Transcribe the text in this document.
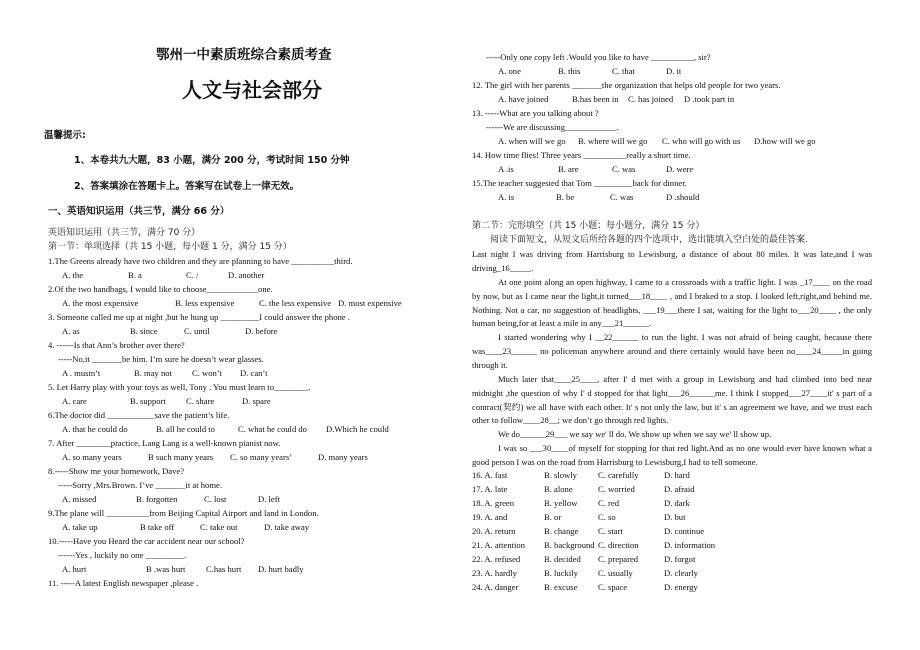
鄂州一中素质班综合素质考查
人文与社会部分
温馨提示:
1、本卷共九大题，83 小题，满分 200 分，考试时间 150 分钟
2、答案填涂在答题卡上。答案写在试卷上一律无效。
一、英语知识运用（共三节，满分 66 分）
英语知识运用（共三节，满分 70 分）
第一节：单项选择（共 15 小题，每小题 1 分，满分 15 分）
1.The Greens already have two children and they are planning to have __________third.
A. the	B. a	C. /	D. another
2.Of the two handbags, I would like to choose____________one.
A. the most expensive	B. less expensive	C. the less expensive D. most expensive
3. Someone called me up at night ,but he hung up _________I could answer the phone .
A. as	B. since	C. until	D. before
4. ------Is that Ann’s brother over there?
-----No,it _______be him. I’m sure he doesn’t wear glasses.
A . mustn’t	B. may not C. won’t D. can’t
5. Let Harry play with your toys as well, Tony . You must learn to________.
A. care	B. support C. share	D. spare
6.The doctor did ___________save the patient’s life.
A. that he could do	B. all he could to	C. what he could do D.Which he could
7. After ________practice, Lang Lang is a well-known pianist now.
A. so many years	B such many years C. so many years’	D. many years
8.-----Show me your homework, Dave?
-----Sorry ,Mrs.Brown. I’ve _______it at home.
A. missed	B. forgotten	C. lost	D. left
9.The plane will __________from Beijing Capital Airport and land in London.
A. take up	B take off	C. take out	D. take away
10.-----Have you Heard the car accident near our school?
------Yes , luckily no one _________.
A. hurt	B .was hurt C.has hurt D. hurt badly
11. -----A latest English newspaper ,please .
-----Only one copy left .Would you like to have __________, sir?
A. one	B. this	C. that	D. it
12. The girl with her parents _______the organization that helps old people for two years.
A. have joined	B.has been in C. has joined D .took part in
13. -----What are you talking about ?
------We are discussing____________.
A. when will we go B. where will we go C. who will go with us D.how will we go
14. How time flies! Three years __________really a short time.
A .is	B. are	C. was	D. were
15.The teacher suggested that Tom _________back for dinner.
A. is	B. be	C. was	D .should
第二节：完形填空（共 15 小题；每小题分，满分 15 分）
阅读下面短文，从短文后所给各题的四个选项中，选出能填入空白处的最佳答案.
Last night I was driving from Harrisburg to Lewisburg, a distance of about 80 miles. It was late,and I was driving_16_____.
At one point along an open highway, I came to a crossroads with a traffic light. I was _17____ on the road by now, but as I came near the light,it turned___18____ , and I braked to a stop. I looked left,right,and behind me. Nothing. Not a car, no suggestion of headlights, ___19___there I sat, waiting for the light to___20____ , the only human being,for at least a mile in any___21______.
I started wondering why I __22______ to run the light. I was not afraid of being caught, because there was____23______ no policeman anywhere around and there certainly would have been no____24_____in going through it.
Much later that____25____, after I' d met with a group in Lewisburg and had climbed into bed near midnight ,the question of why I' d stopped for that light___26______me. I think I stopped___27____it' s part of a contract(契约) we all have with each other. It' s not only the law, but it' s an agreement we have, and we trust each other to follow____28__; we don’t go through red lights.
We do______29___ we say we' ll do. We show up when we say we' ll show up.
I was so ___30____of myself for stopping for that red light.And as no one would ever have known what a good person I was on the road from Harrisburg to Lewisburg,I had to tell someone.
16. A. fast	B. slowly C. carefully	D. hard
17. A. late	B. alone	C. worried	D. afraid
18. A. green	B. yellow C. red	D. dark
19. A. and	B. or	C. so	D. but
20. A. return	B. change C. start	D. continue
21. A. attention B. background C. direction	D. information
22. A. refused	B. decided C. prepared	D. forgot
23. A. hardly	B. luckily C. usually	D. clearly
24. A. danger	B. excuse C. space	D. energy
